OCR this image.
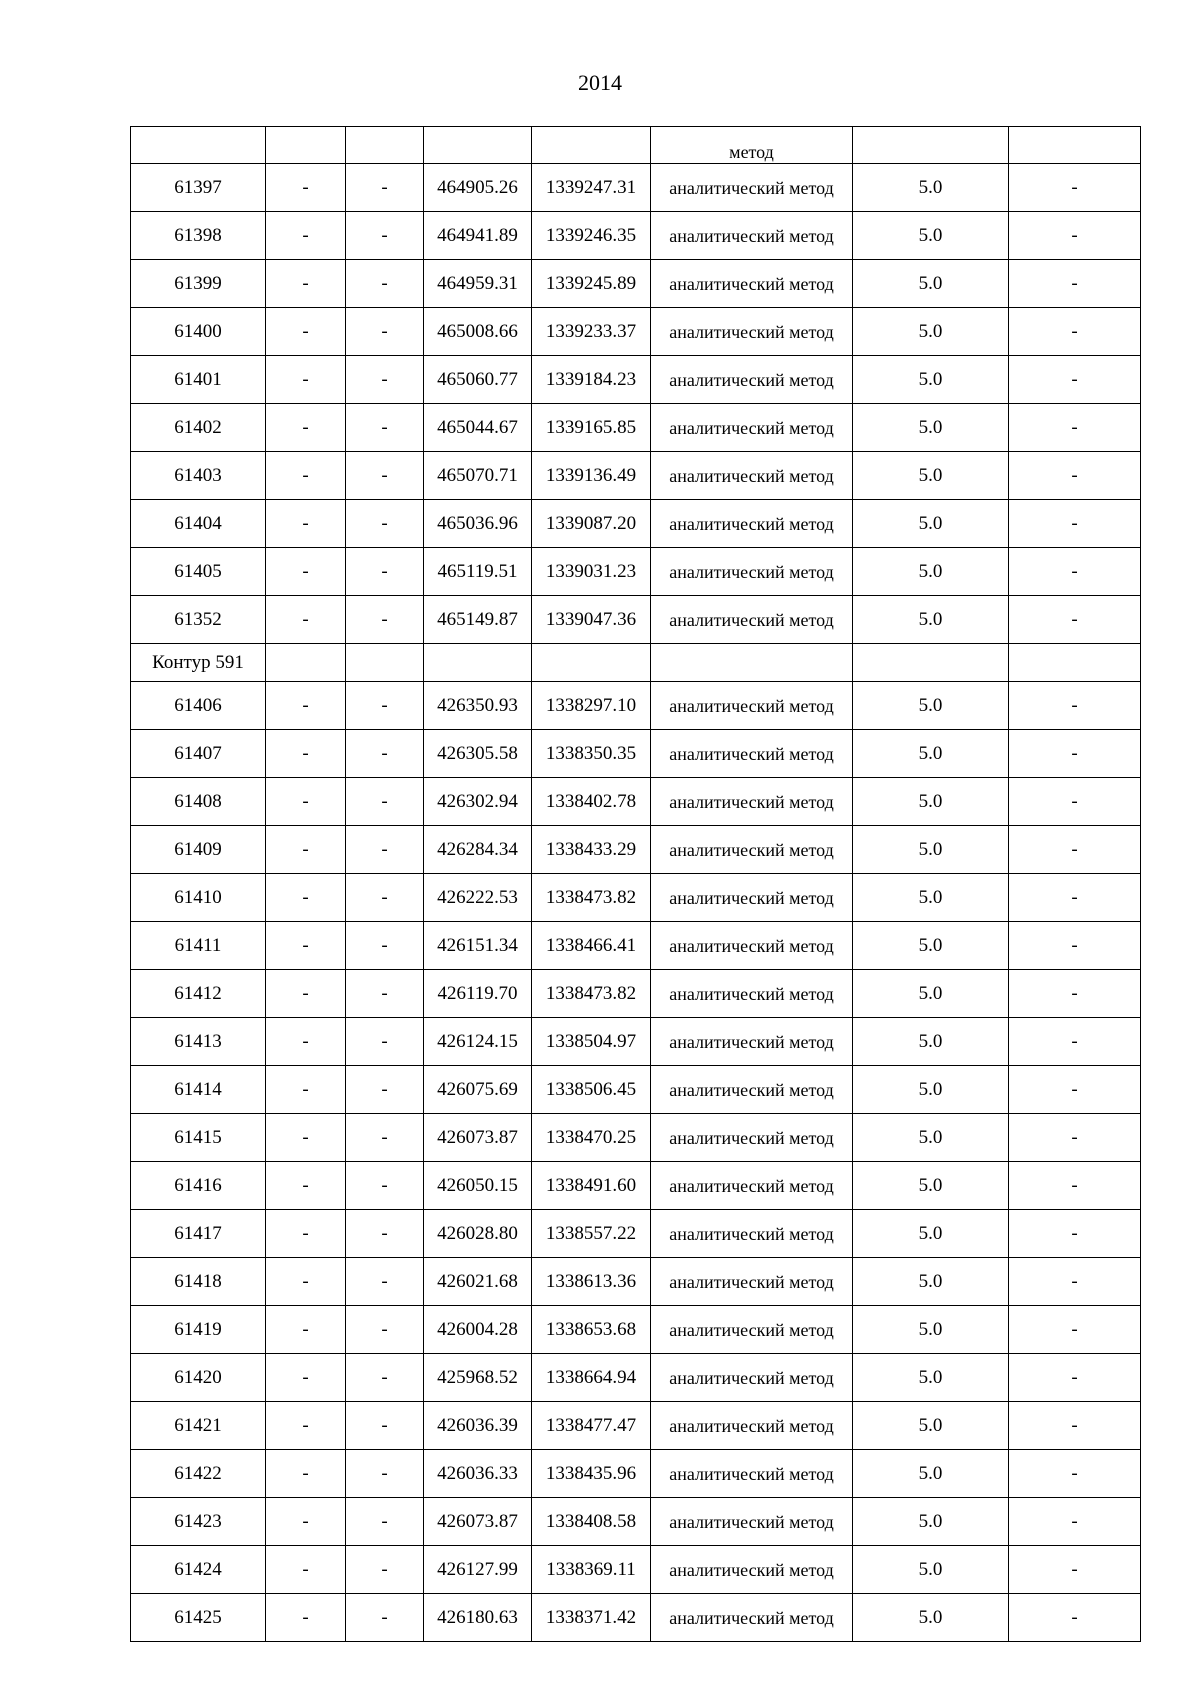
2014
					метод		
61397	-	-	464905.26	1339247.31	аналитический метод	5.0	-
61398	-	-	464941.89	1339246.35	аналитический метод	5.0	-
61399	-	-	464959.31	1339245.89	аналитический метод	5.0	-
61400	-	-	465008.66	1339233.37	аналитический метод	5.0	-
61401	-	-	465060.77	1339184.23	аналитический метод	5.0	-
61402	-	-	465044.67	1339165.85	аналитический метод	5.0	-
61403	-	-	465070.71	1339136.49	аналитический метод	5.0	-
61404	-	-	465036.96	1339087.20	аналитический метод	5.0	-
61405	-	-	465119.51	1339031.23	аналитический метод	5.0	-
61352	-	-	465149.87	1339047.36	аналитический метод	5.0	-
Контур 591							
61406	-	-	426350.93	1338297.10	аналитический метод	5.0	-
61407	-	-	426305.58	1338350.35	аналитический метод	5.0	-
61408	-	-	426302.94	1338402.78	аналитический метод	5.0	-
61409	-	-	426284.34	1338433.29	аналитический метод	5.0	-
61410	-	-	426222.53	1338473.82	аналитический метод	5.0	-
61411	-	-	426151.34	1338466.41	аналитический метод	5.0	-
61412	-	-	426119.70	1338473.82	аналитический метод	5.0	-
61413	-	-	426124.15	1338504.97	аналитический метод	5.0	-
61414	-	-	426075.69	1338506.45	аналитический метод	5.0	-
61415	-	-	426073.87	1338470.25	аналитический метод	5.0	-
61416	-	-	426050.15	1338491.60	аналитический метод	5.0	-
61417	-	-	426028.80	1338557.22	аналитический метод	5.0	-
61418	-	-	426021.68	1338613.36	аналитический метод	5.0	-
61419	-	-	426004.28	1338653.68	аналитический метод	5.0	-
61420	-	-	425968.52	1338664.94	аналитический метод	5.0	-
61421	-	-	426036.39	1338477.47	аналитический метод	5.0	-
61422	-	-	426036.33	1338435.96	аналитический метод	5.0	-
61423	-	-	426073.87	1338408.58	аналитический метод	5.0	-
61424	-	-	426127.99	1338369.11	аналитический метод	5.0	-
61425	-	-	426180.63	1338371.42	аналитический метод	5.0	-
